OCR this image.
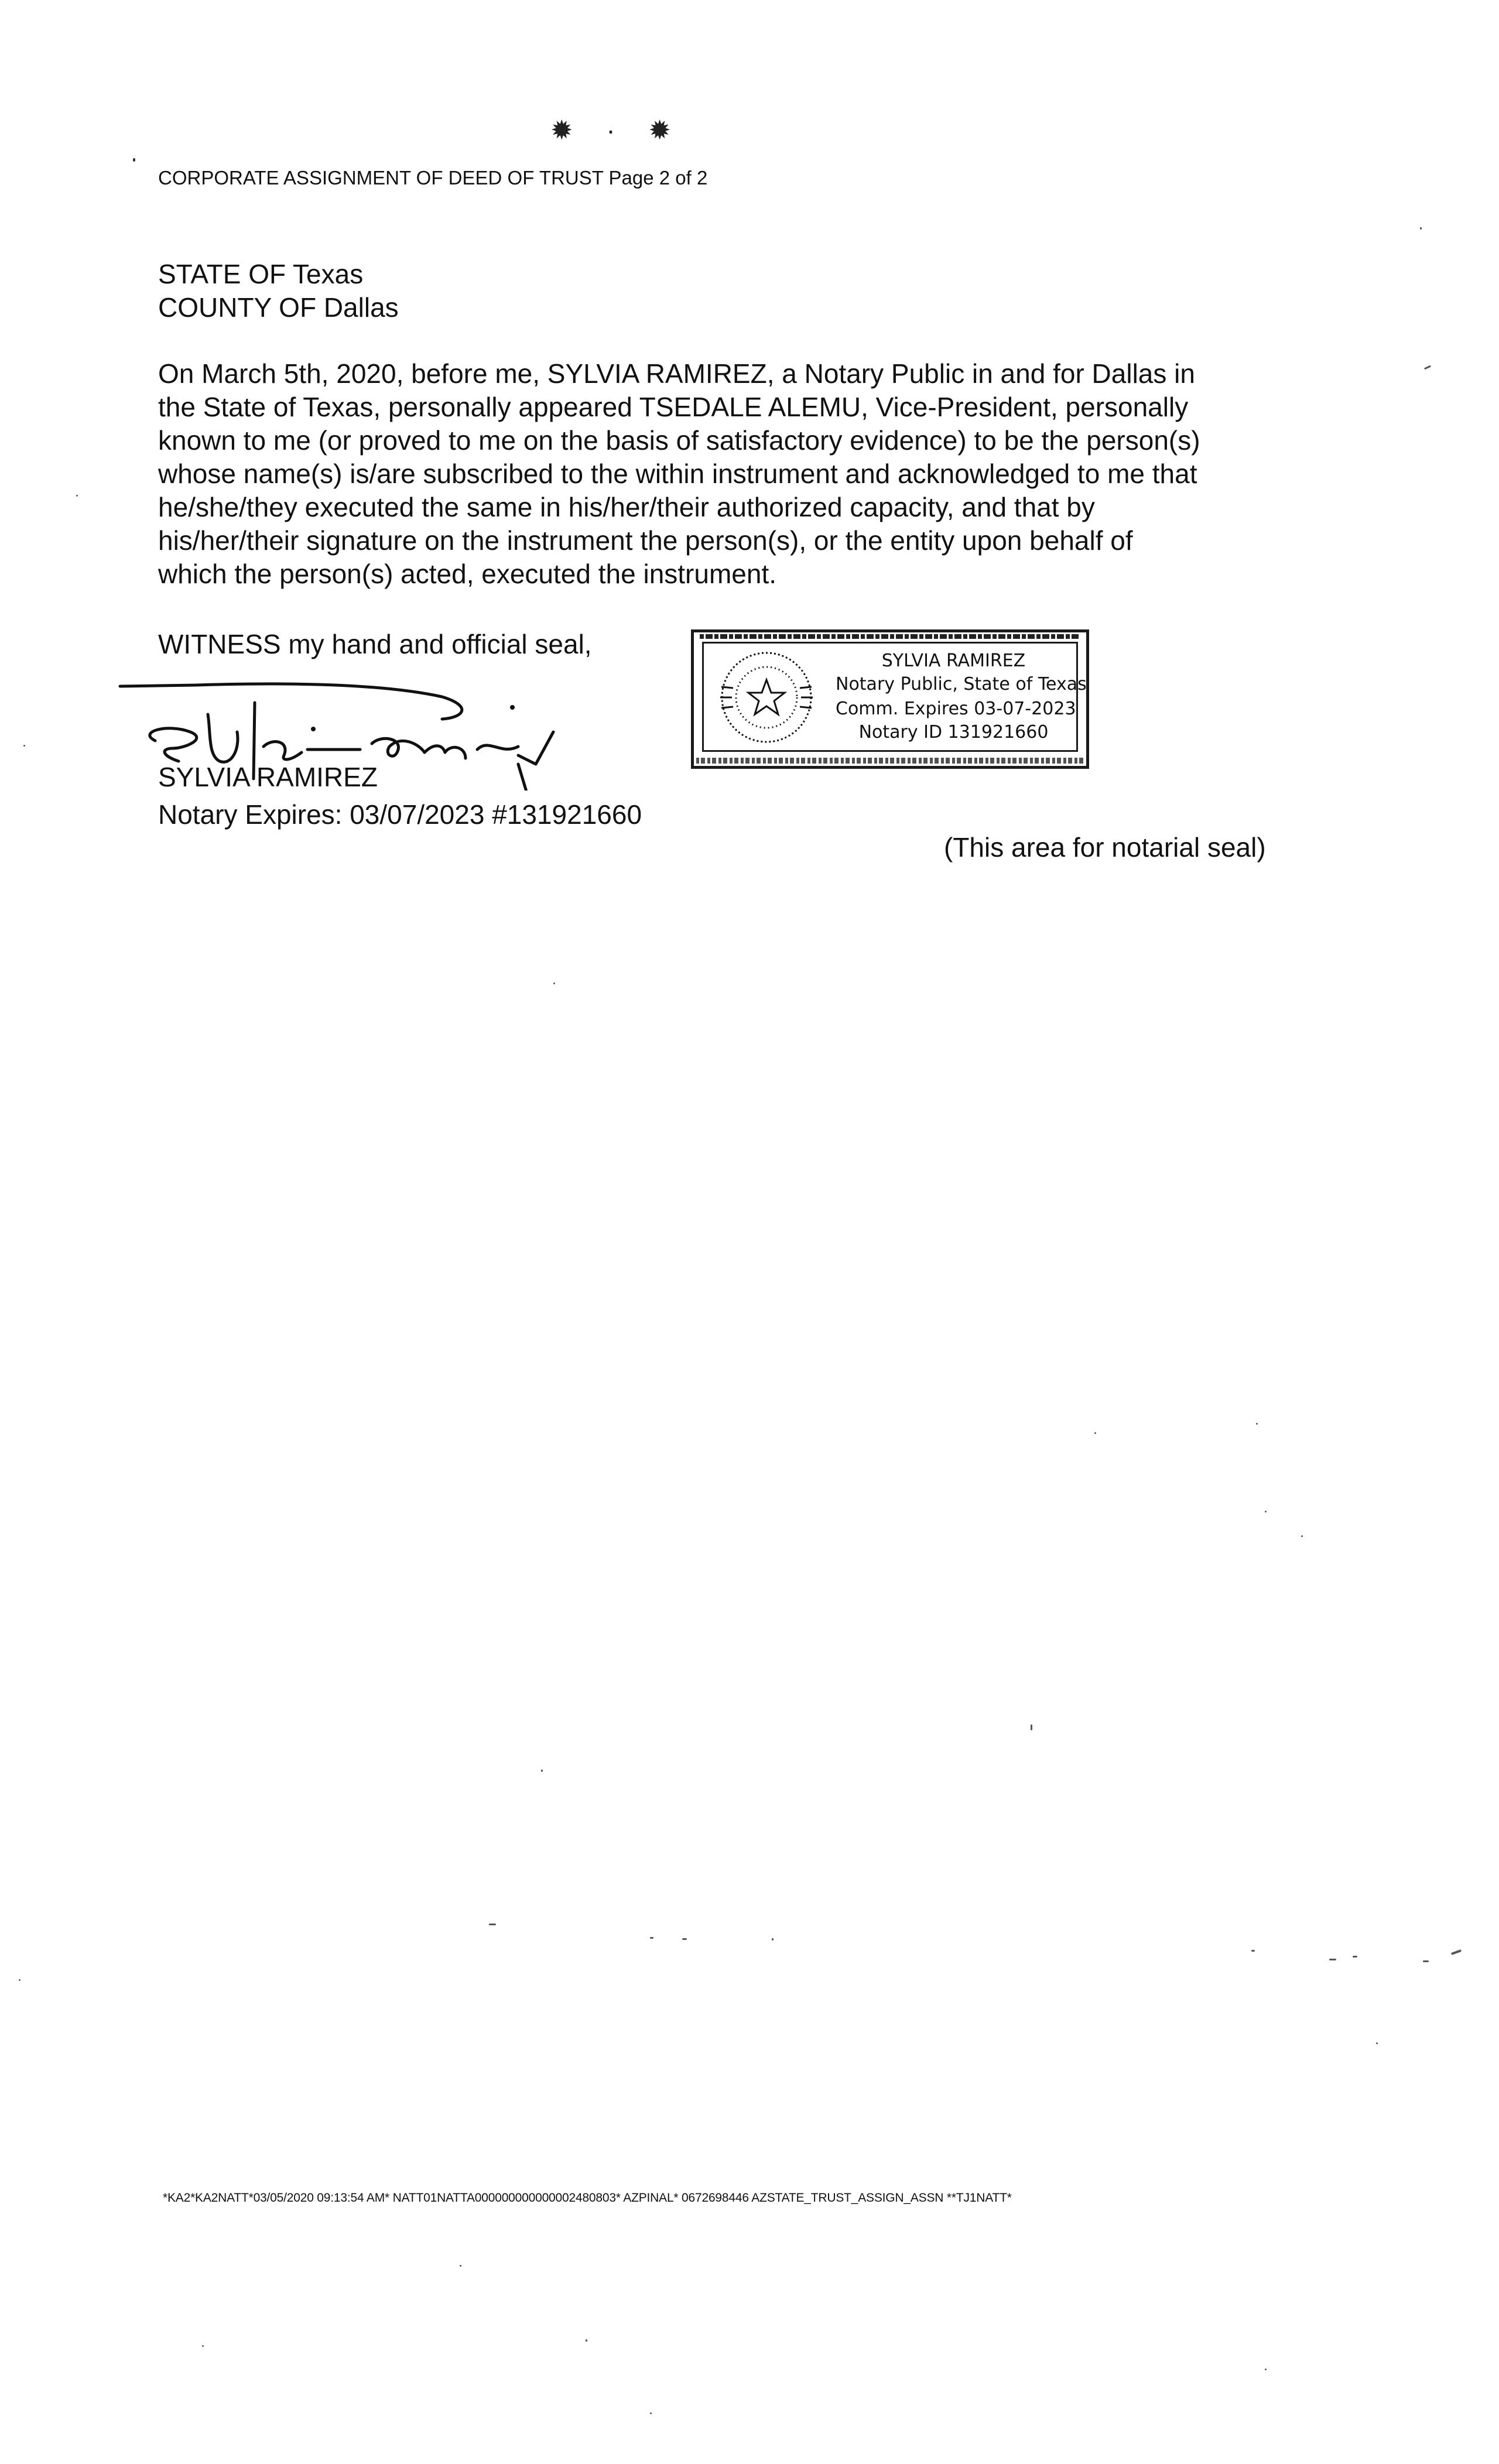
✹ · ✹
CORPORATE ASSIGNMENT OF DEED OF TRUST Page 2 of 2
STATE OF Texas
COUNTY OF Dallas
On March 5th, 2020, before me, SYLVIA RAMIREZ, a Notary Public in and for Dallas in
the State of Texas, personally appeared TSEDALE ALEMU, Vice-President, personally
known to me (or proved to me on the basis of satisfactory evidence) to be the person(s)
whose name(s) is/are subscribed to the within instrument and acknowledged to me that
he/she/they executed the same in his/her/their authorized capacity, and that by
his/her/their signature on the instrument the person(s), or the entity upon behalf of
which the person(s) acted, executed the instrument.
WITNESS my hand and official seal,
SYLVIA RAMIREZ
Notary Expires: 03/07/2023 #131921660
(This area for notarial seal)
SYLVIA RAMIREZ
Notary Public, State of Texas
Comm. Expires 03-07-2023
Notary ID 131921660
*KA2*KA2NATT*03/05/2020 09:13:54 AM* NATT01NATTA000000000000002480803* AZPINAL* 0672698446 AZSTATE_TRUST_ASSIGN_ASSN **TJ1NATT*
